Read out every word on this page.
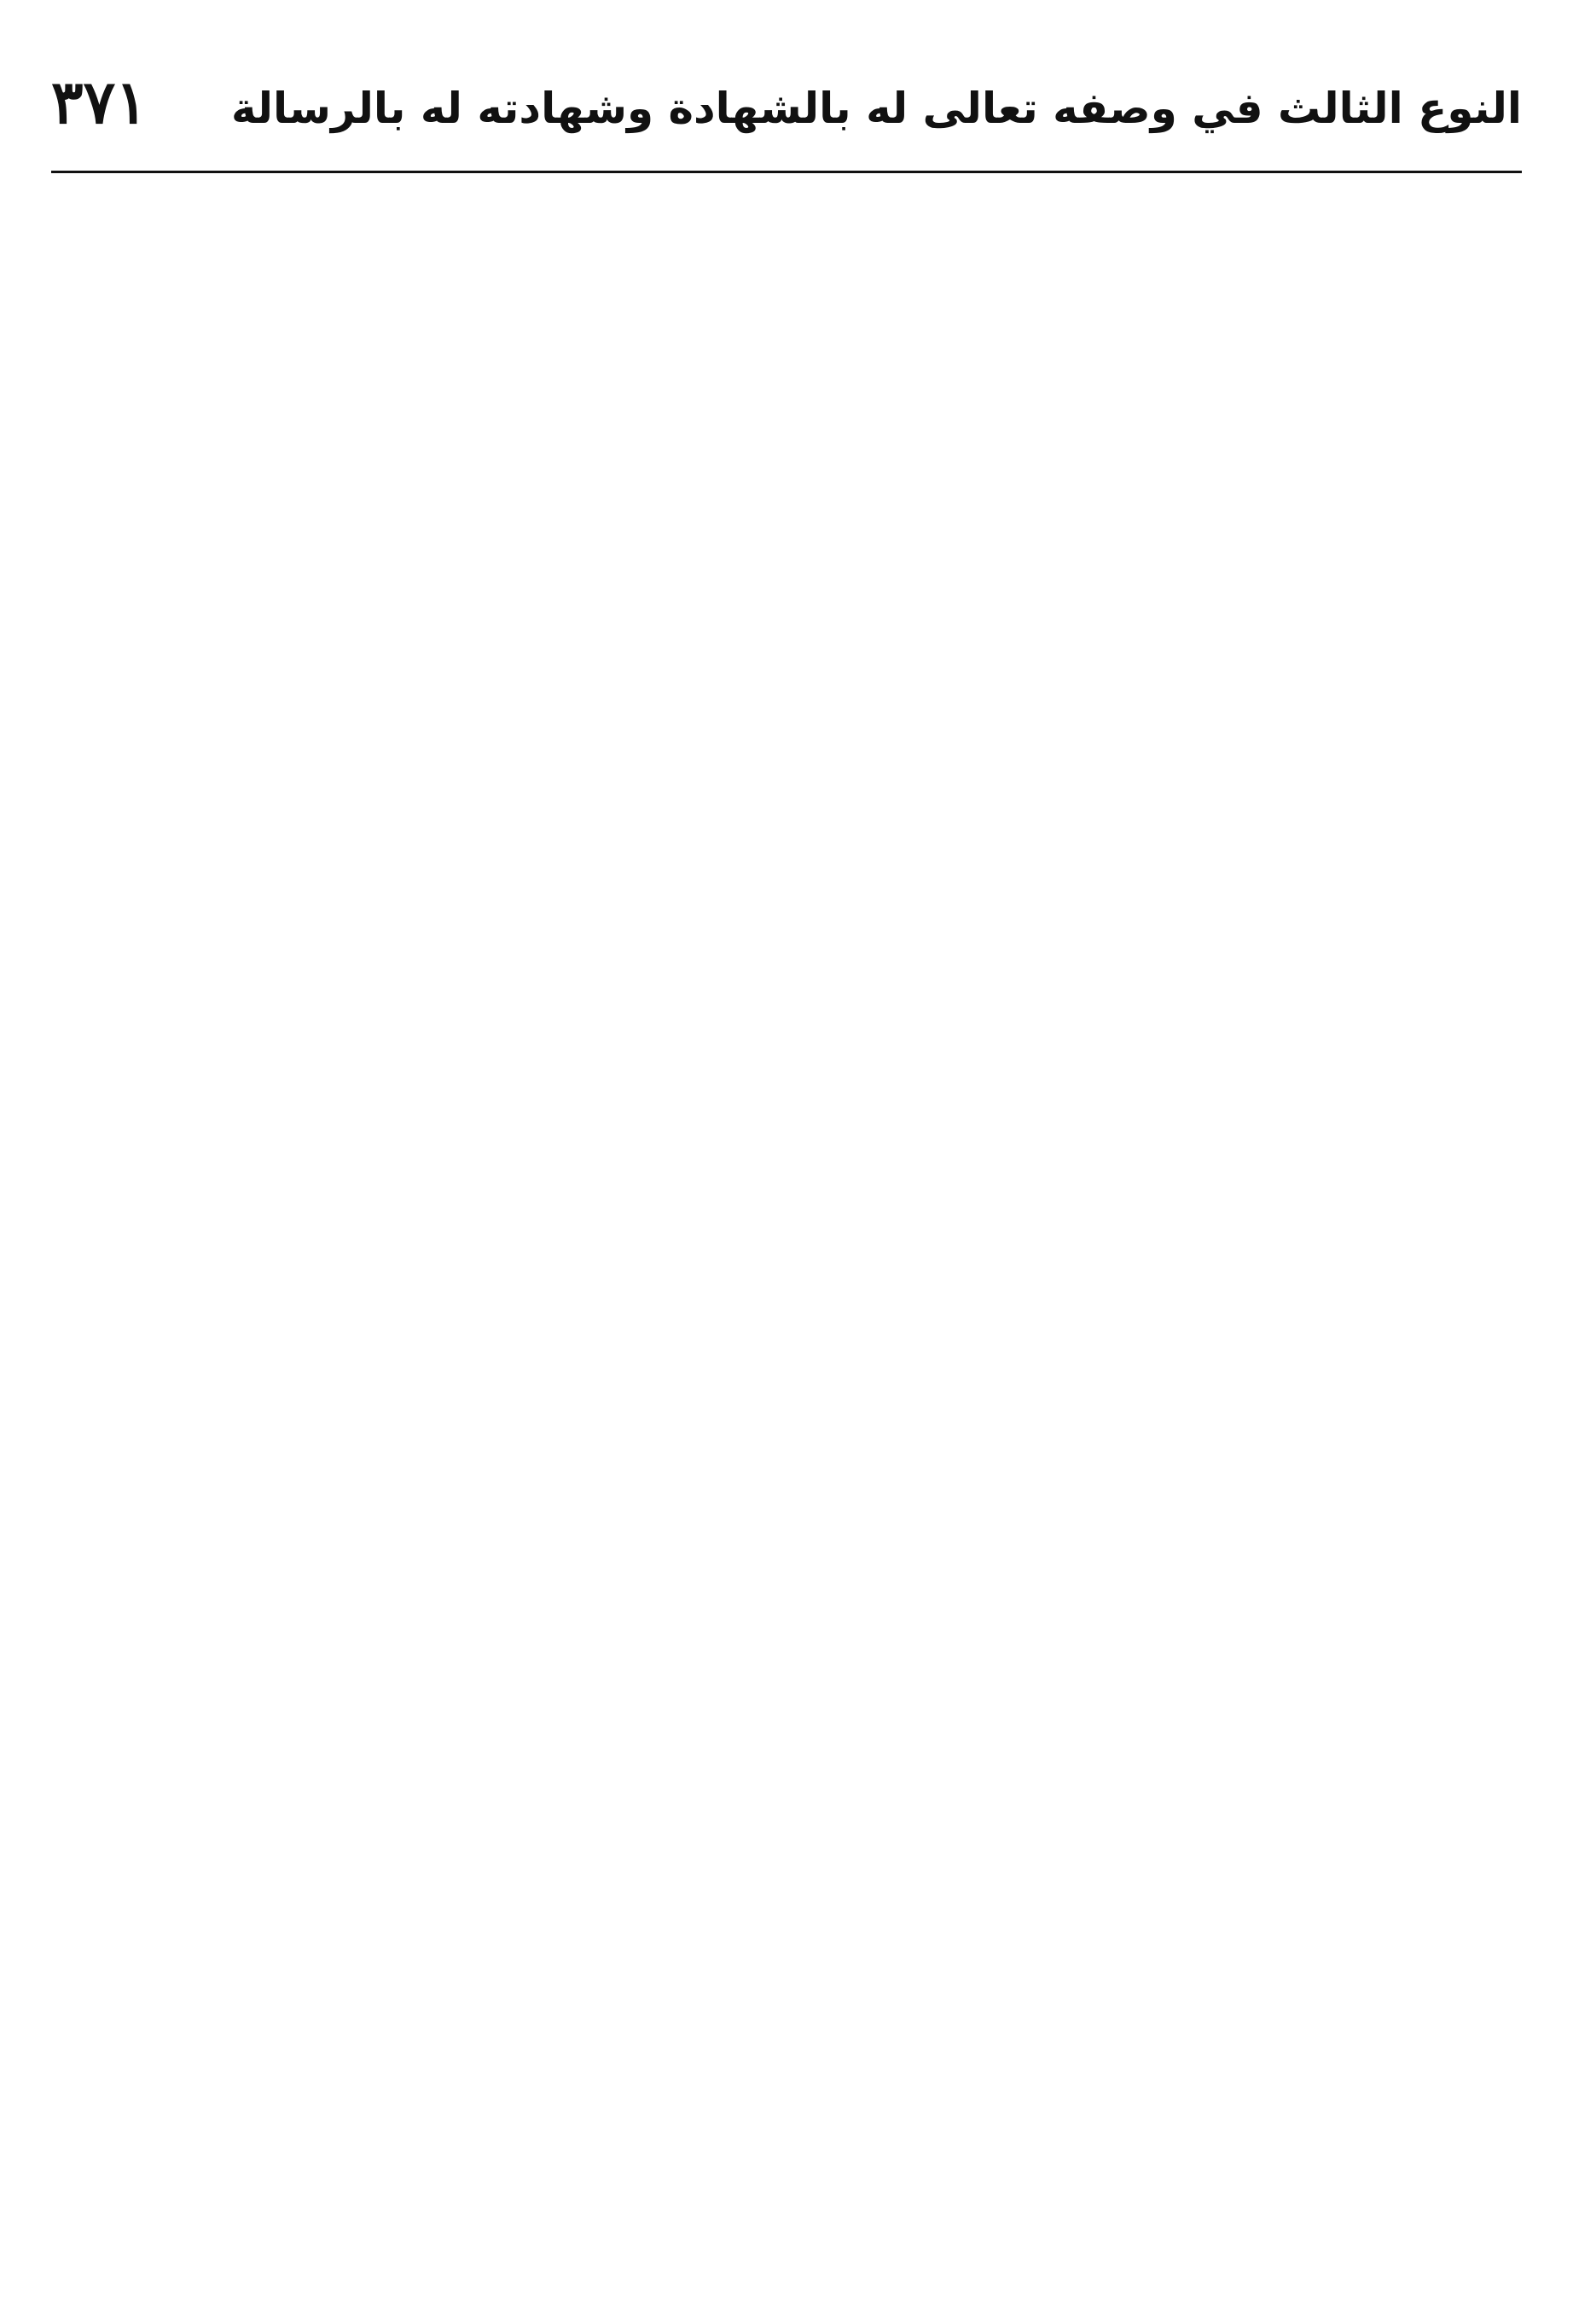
النوع الثالث في وصفه تعالى له بالشهادة وشهادته له بالرسالة
٣٧١
